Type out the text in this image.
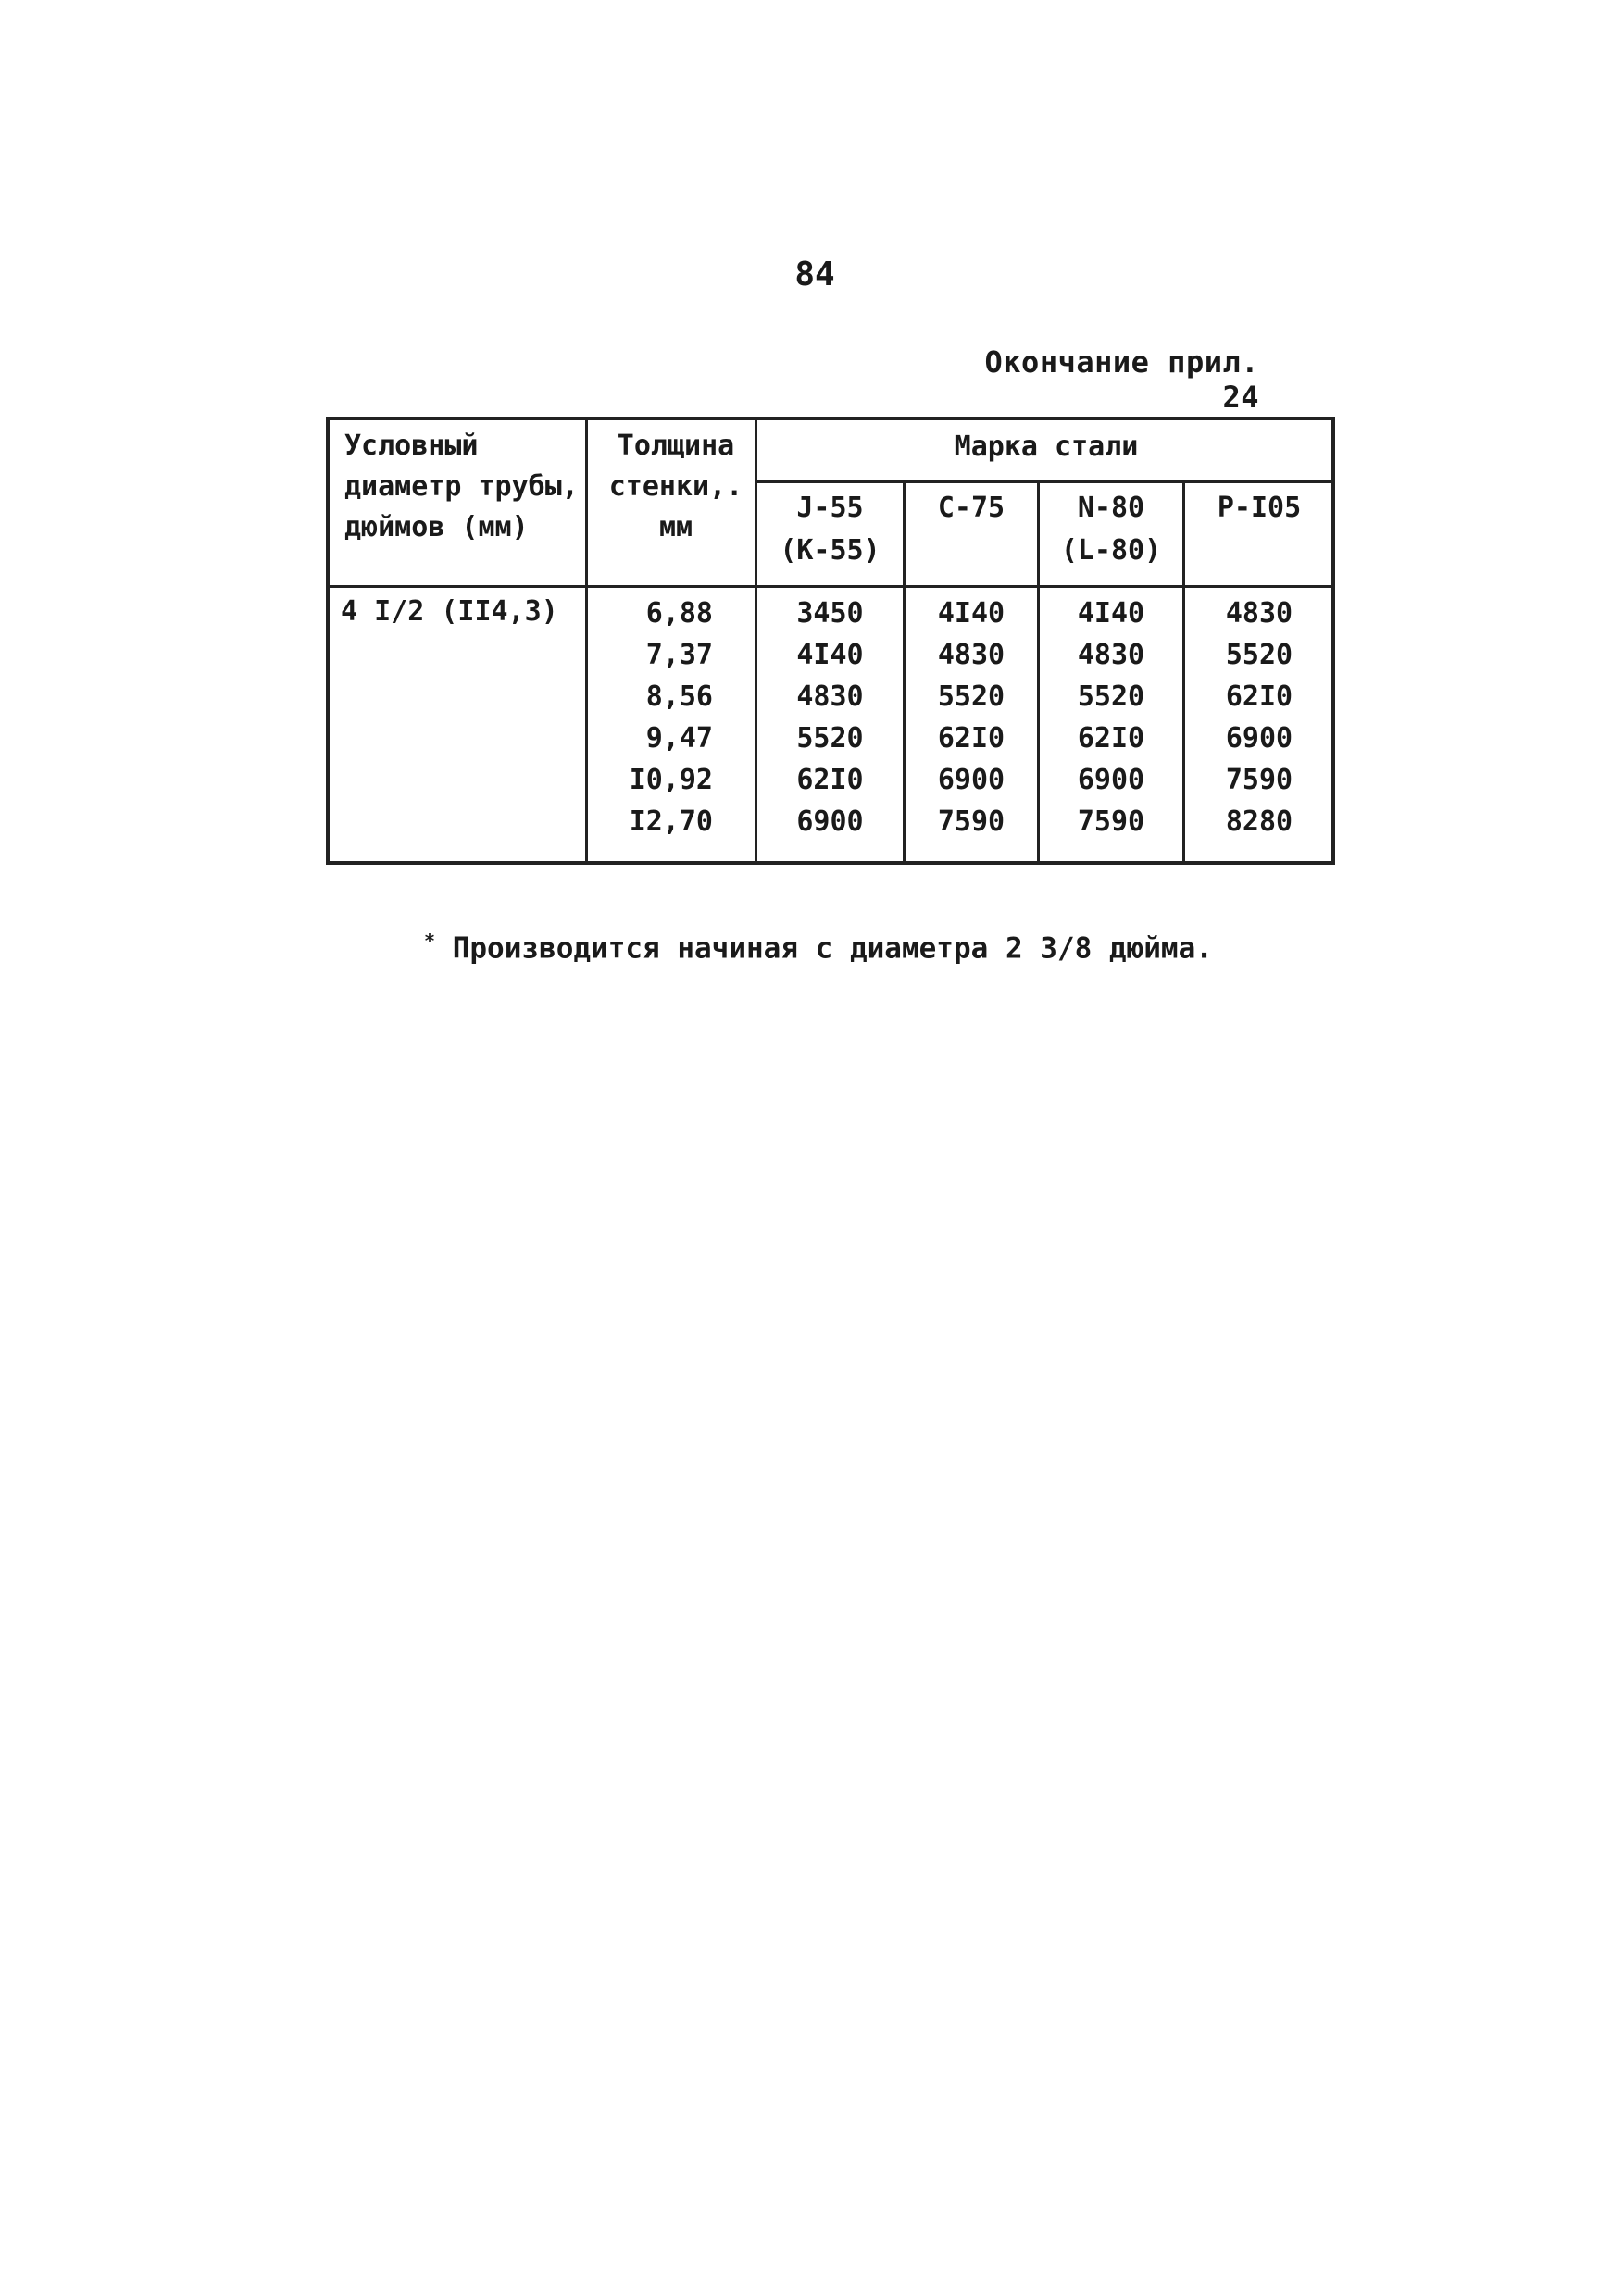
84
Окончание прил. 24
Условный
диаметр трубы,
дюймов (мм)
Толщина
стенки,.
мм
Марка стали
J-55
(K-55)
C-75	N-80
(L-80)
P-I05
4 I/2 (II4,3)	6,88
7,37
8,56
9,47
I0,92
I2,70
3450
4I40
4830
5520
62I0
6900
4I40
4830
5520
62I0
6900
7590
4I40
4830
5520
62I0
6900
7590
4830
5520
62I0
6900
7590
8280
* Производится начиная с диаметра 2 3/8 дюйма.
